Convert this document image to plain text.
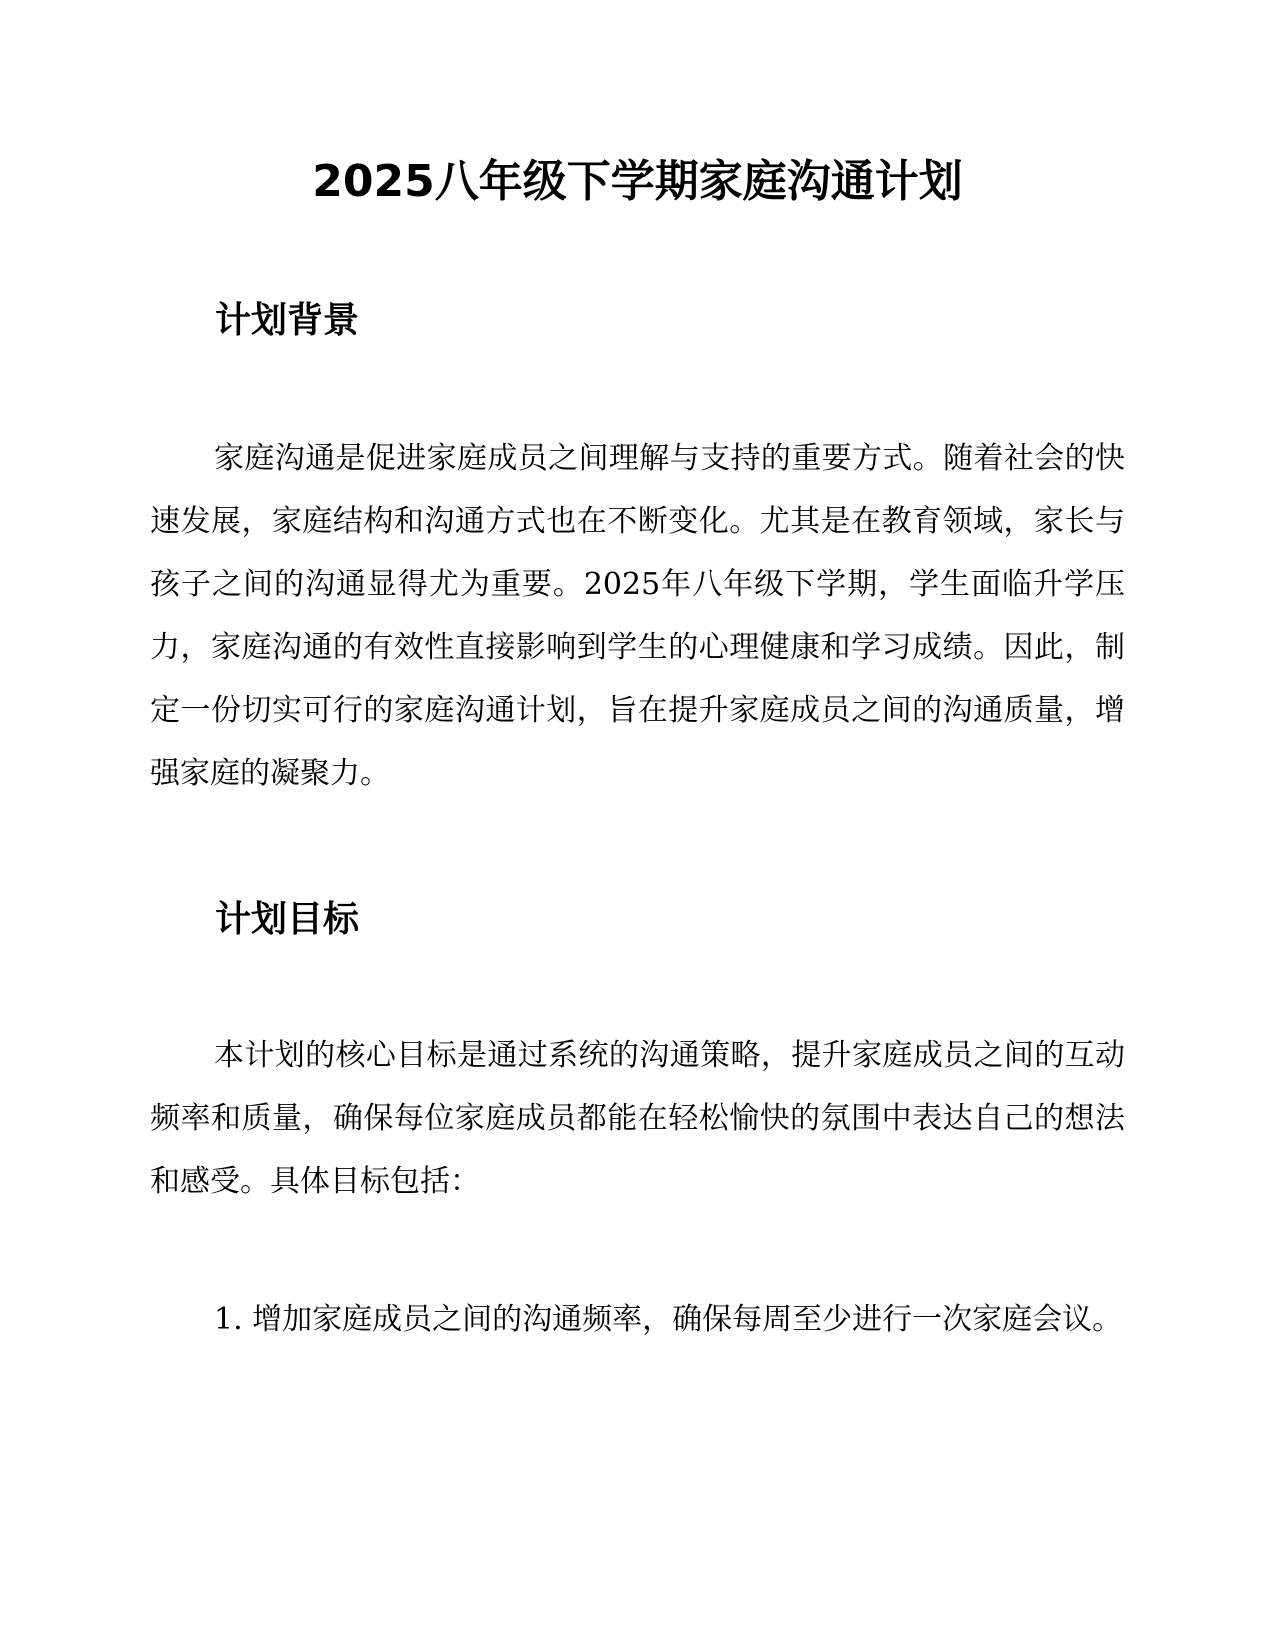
2025八年级下学期家庭沟通计划
计划背景

家庭沟通是促进家庭成员之间理解与支持的重要方式。随着社会的快速发展，家庭结构和沟通方式也在不断变化。尤其是在教育领域，家长与孩子之间的沟通显得尤为重要。2025年八年级下学期，学生面临升学压力，家庭沟通的有效性直接影响到学生的心理健康和学习成绩。因此，制定一份切实可行的家庭沟通计划，旨在提升家庭成员之间的沟通质量，增强家庭的凝聚力。

计划目标

本计划的核心目标是通过系统的沟通策略，提升家庭成员之间的互动频率和质量，确保每位家庭成员都能在轻松愉快的氛围中表达自己的想法和感受。具体目标包括：

1. 增加家庭成员之间的沟通频率，确保每周至少进行一次家庭会议。
